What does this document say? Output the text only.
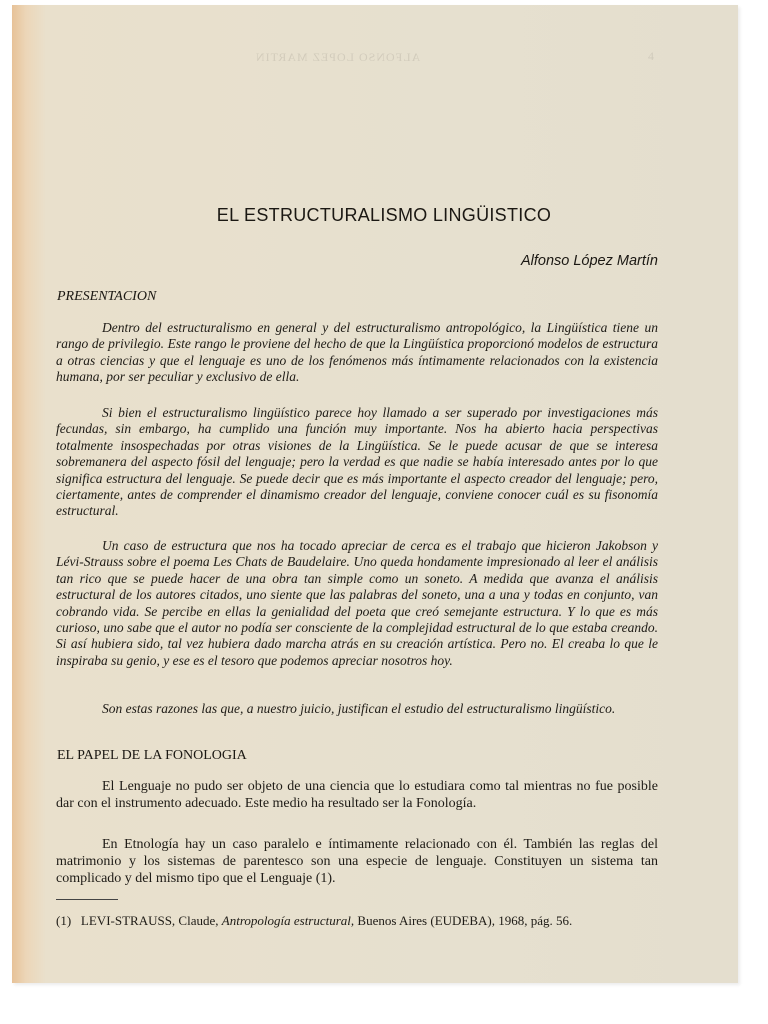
ALFONSO LOPEZ MARTIN	4
EL ESTRUCTURALISMO LINGÜISTICO
Alfonso López Martín
PRESENTACION

Dentro del estructuralismo en general y del estructuralismo antropológico, la Lingüística tiene un rango de privilegio. Este rango le proviene del hecho de que la Lingüística proporcionó modelos de estructura a otras ciencias y que el lenguaje es uno de los fenómenos más íntimamente relacionados con la existencia humana, por ser peculiar y exclusivo de ella.

Si bien el estructuralismo lingüístico parece hoy llamado a ser superado por investigaciones más fecundas, sin embargo, ha cumplido una función muy importante. Nos ha abierto hacia perspectivas totalmente insospechadas por otras visiones de la Lingüística. Se le puede acusar de que se interesa sobremanera del aspecto fósil del lenguaje; pero la verdad es que nadie se había interesado antes por lo que significa estructura del lenguaje. Se puede decir que es más importante el aspecto creador del lenguaje; pero, ciertamente, antes de comprender el dinamismo creador del lenguaje, conviene conocer cuál es su fisonomía estructural.

Un caso de estructura que nos ha tocado apreciar de cerca es el trabajo que hicieron Jakobson y Lévi-Strauss sobre el poema Les Chats de Baudelaire. Uno queda hondamente impresionado al leer el análisis tan rico que se puede hacer de una obra tan simple como un soneto. A medida que avanza el análisis estructural de los autores citados, uno siente que las palabras del soneto, una a una y todas en conjunto, van cobrando vida. Se percibe en ellas la genialidad del poeta que creó semejante estructura. Y lo que es más curioso, uno sabe que el autor no podía ser consciente de la complejidad estructural de lo que estaba creando. Si así hubiera sido, tal vez hubiera dado marcha atrás en su creación artística. Pero no. El creaba lo que le inspiraba su genio, y ese es el tesoro que podemos apreciar nosotros hoy.

Son estas razones las que, a nuestro juicio, justifican el estudio del estructuralismo lingüístico.

EL PAPEL DE LA FONOLOGIA

El Lenguaje no pudo ser objeto de una ciencia que lo estudiara como tal mientras no fue posible dar con el instrumento adecuado. Este medio ha resultado ser la Fonología.

En Etnología hay un caso paralelo e íntimamente relacionado con él. También las reglas del matrimonio y los sistemas de parentesco son una especie de lenguaje. Constituyen un sistema tan complicado y del mismo tipo que el Lenguaje (1).

(1) LEVI-STRAUSS, Claude, Antropología estructural, Buenos Aires (EUDEBA), 1968, pág. 56.
